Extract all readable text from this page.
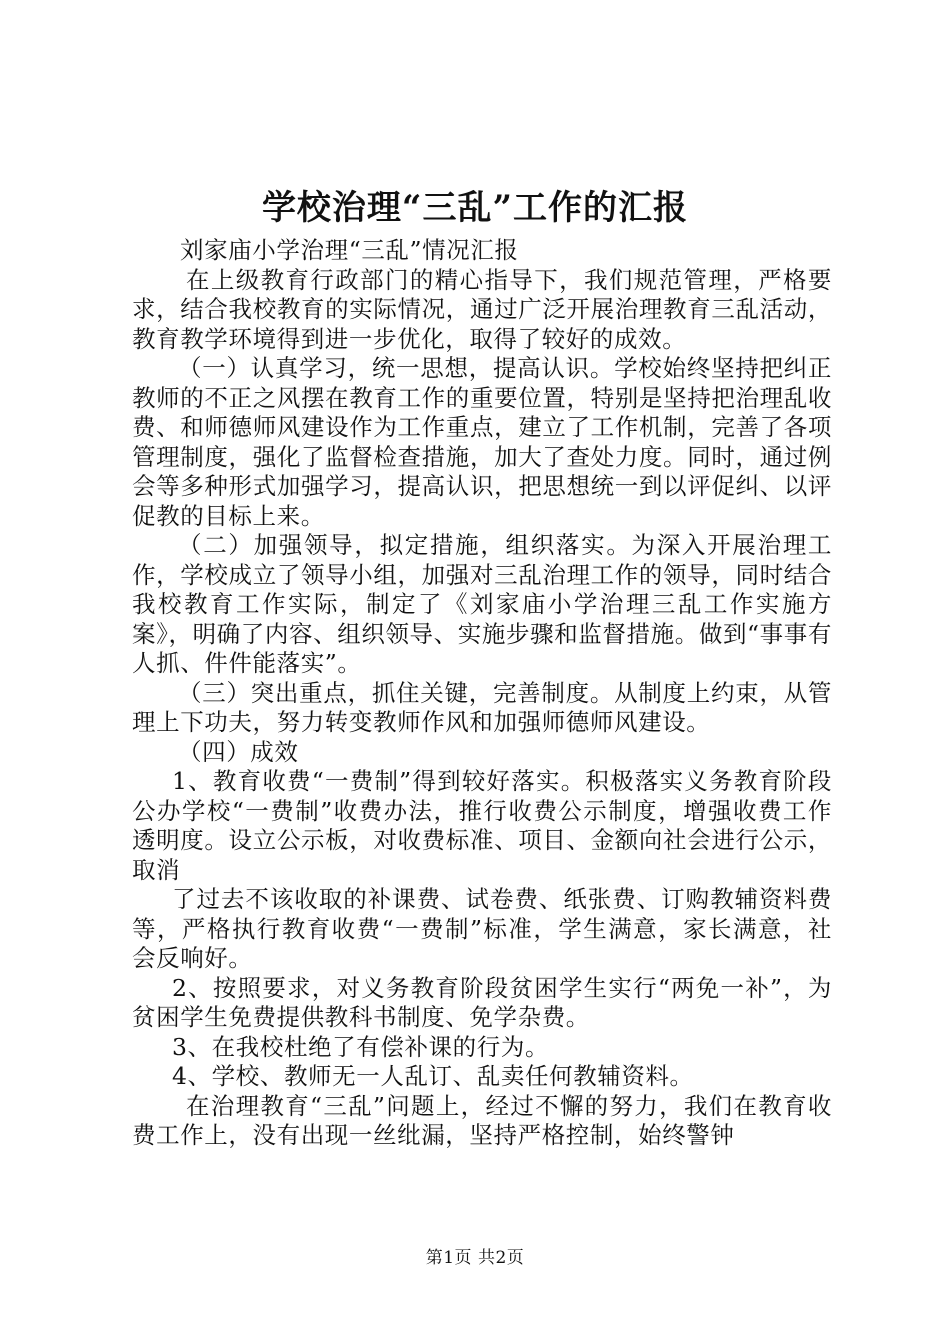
学校治理“三乱”工作的汇报

刘家庙小学治理“三乱”情况汇报

在上级教育行政部门的精心指导下，我们规范管理，严格要求，结合我校教育的实际情况，通过广泛开展治理教育三乱活动，教育教学环境得到进一步优化，取得了较好的成效。

（一）认真学习，统一思想，提高认识。学校始终坚持把纠正教师的不正之风摆在教育工作的重要位置，特别是坚持把治理乱收费、和师德师风建设作为工作重点，建立了工作机制，完善了各项管理制度，强化了监督检查措施，加大了查处力度。同时，通过例会等多种形式加强学习，提高认识，把思想统一到以评促纠、以评促教的目标上来。

（二）加强领导，拟定措施，组织落实。为深入开展治理工作，学校成立了领导小组，加强对三乱治理工作的领导，同时结合我校教育工作实际，制定了《刘家庙小学治理三乱工作实施方案》，明确了内容、组织领导、实施步骤和监督措施。做到“事事有人抓、件件能落实”。

（三）突出重点，抓住关键，完善制度。从制度上约束，从管理上下功夫，努力转变教师作风和加强师德师风建设。

（四）成效

1、教育收费“一费制”得到较好落实。积极落实义务教育阶段公办学校“一费制”收费办法，推行收费公示制度，增强收费工作透明度。设立公示板，对收费标准、项目、金额向社会进行公示，取消

了过去不该收取的补课费、试卷费、纸张费、订购教辅资料费等，严格执行教育收费“一费制”标准，学生满意，家长满意，社会反响好。

2、按照要求，对义务教育阶段贫困学生实行“两免一补”，为贫困学生免费提供教科书制度、免学杂费。

3、在我校杜绝了有偿补课的行为。

4、学校、教师无一人乱订、乱卖任何教辅资料。

在治理教育“三乱”问题上，经过不懈的努力，我们在教育收费工作上，没有出现一丝纰漏，坚持严格控制，始终警钟

第1页 共2页
